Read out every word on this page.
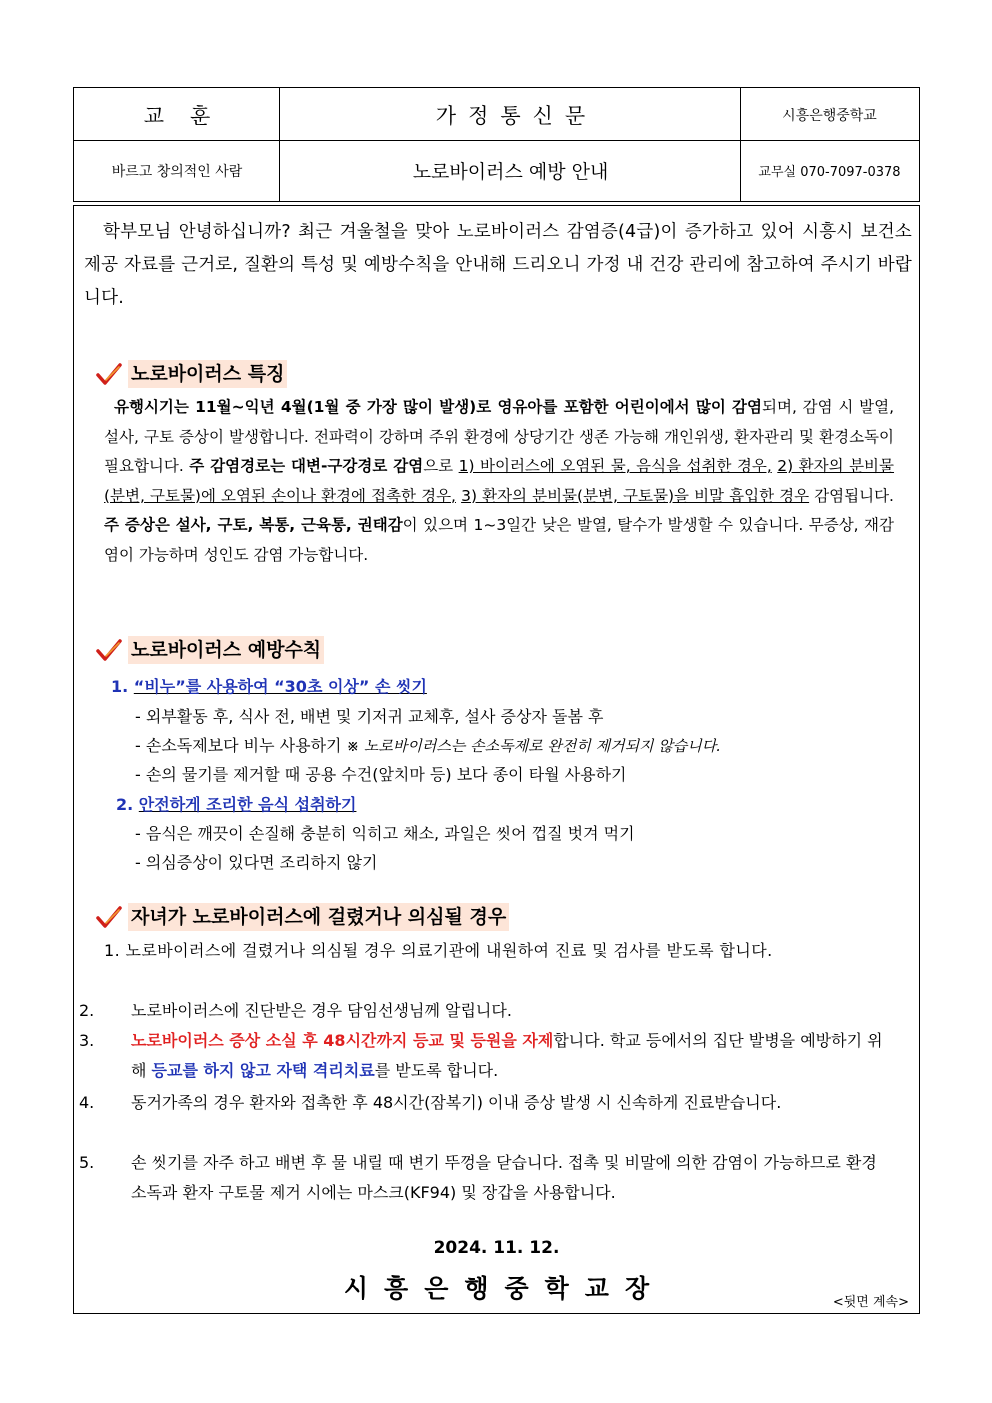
교훈	가정통신문	시흥은행중학교
바르고 창의적인 사람	노로바이러스 예방 안내	교무실 070-7097-0378

학부모님 안녕하십니까? 최근 겨울철을 맞아 노로바이러스 감염증(4급)이 증가하고 있어 시흥시 보건소 제공 자료를 근거로, 질환의 특성 및 예방수칙을 안내해 드리오니 가정 내 건강 관리에 참고하여 주시기 바랍니다.

노로바이러스 특징

유행시기는 11월~익년 4월(1월 중 가장 많이 발생)로 영유아를 포함한 어린이에서 많이 감염되며, 감염 시 발열, 설사, 구토 증상이 발생합니다. 전파력이 강하며 주위 환경에 상당기간 생존 가능해 개인위생, 환자관리 및 환경소독이 필요합니다. 주 감염경로는 대변-구강경로 감염으로 1) 바이러스에 오염된 물, 음식을 섭취한 경우, 2) 환자의 분비물(분변, 구토물)에 오염된 손이나 환경에 접촉한 경우, 3) 환자의 분비물(분변, 구토물)을 비말 흡입한 경우 감염됩니다. 주 증상은 설사, 구토, 복통, 근육통, 권태감이 있으며 1~3일간 낮은 발열, 탈수가 발생할 수 있습니다. 무증상, 재감염이 가능하며 성인도 감염 가능합니다.

노로바이러스 예방수칙
1. “비누”를 사용하여 “30초 이상” 손 씻기
- 외부활동 후, 식사 전, 배변 및 기저귀 교체후, 설사 증상자 돌봄 후
- 손소독제보다 비누 사용하기 ※ 노로바이러스는 손소독제로 완전히 제거되지 않습니다.
- 손의 물기를 제거할 때 공용 수건(앞치마 등) 보다 종이 타월 사용하기
2. 안전하게 조리한 음식 섭취하기
- 음식은 깨끗이 손질해 충분히 익히고 채소, 과일은 씻어 껍질 벗겨 먹기
- 의심증상이 있다면 조리하지 않기
자녀가 노로바이러스에 걸렸거나 의심될 경우

1. 노로바이러스에 걸렸거나 의심될 경우 의료기관에 내원하여 진료 및 검사를 받도록 합니다.

2. 노로바이러스에 진단받은 경우 담임선생님께 알립니다.

3. 노로바이러스 증상 소실 후 48시간까지 등교 및 등원을 자제합니다. 학교 등에서의 집단 발병을 예방하기 위해 등교를 하지 않고 자택 격리치료를 받도록 합니다.

4. 동거가족의 경우 환자와 접촉한 후 48시간(잠복기) 이내 증상 발생 시 신속하게 진료받습니다.

5. 손 씻기를 자주 하고 배변 후 물 내릴 때 변기 뚜껑을 닫습니다. 접촉 및 비말에 의한 감염이 가능하므로 환경 소독과 환자 구토물 제거 시에는 마스크(KF94) 및 장갑을 사용합니다.

2024. 11. 12.
시흥은행중학교장	<뒷면 계속>
